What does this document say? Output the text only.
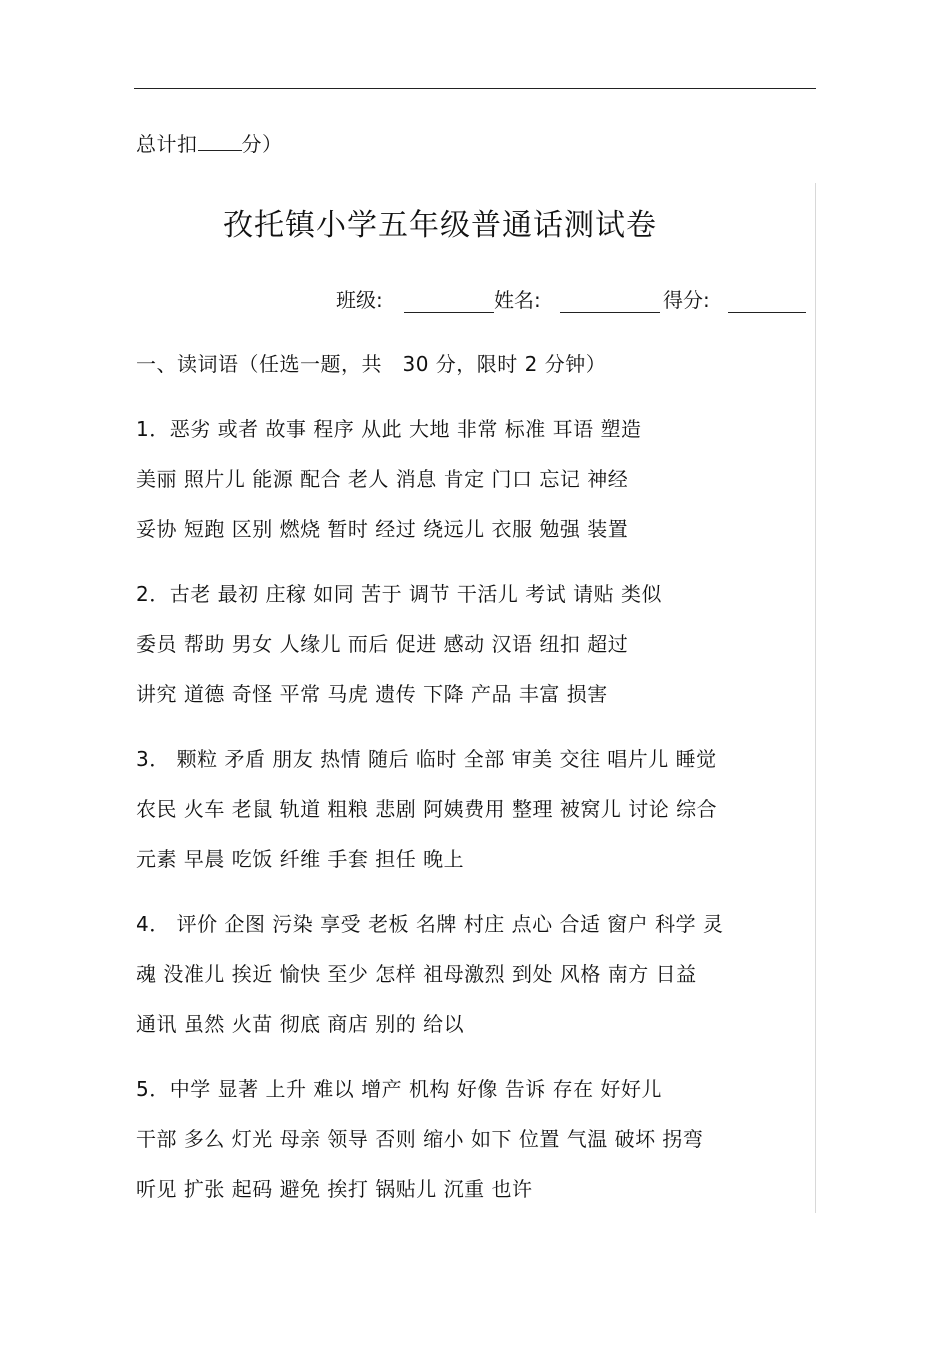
总计扣 分）
孜托镇小学五年级普通话测试卷
班级:	姓名:	得分:
一、读词语（任选一题，共　30 分，限时 2 分钟）
1．恶劣 或者 故事 程序 从此 大地 非常 标准 耳语 塑造
美丽 照片儿 能源 配合 老人 消息 肯定 门口 忘记 神经
妥协 短跑 区别 燃烧 暂时 经过 绕远儿 衣服 勉强 装置
2．古老 最初 庄稼 如同 苦于 调节 干活儿 考试 请贴 类似
委员 帮助 男女 人缘儿 而后 促进 感动 汉语 纽扣 超过
讲究 道德 奇怪 平常 马虎 遗传 下降 产品 丰富 损害
3． 颗粒 矛盾 朋友 热情 随后 临时 全部 审美 交往 唱片儿 睡觉
农民 火车 老鼠 轨道 粗粮 悲剧 阿姨费用 整理 被窝儿 讨论 综合
元素 早晨 吃饭 纤维 手套 担任 晚上
4． 评价 企图 污染 享受 老板 名牌 村庄 点心 合适 窗户 科学 灵
魂 没准儿 挨近 愉快 至少 怎样 祖母激烈 到处 风格 南方 日益
通讯 虽然 火苗 彻底 商店 别的 给以
5．中学 显著 上升 难以 增产 机构 好像 告诉 存在 好好儿
干部 多么 灯光 母亲 领导 否则 缩小 如下 位置 气温 破坏 拐弯
听见 扩张 起码 避免 挨打 锅贴儿 沉重 也许
